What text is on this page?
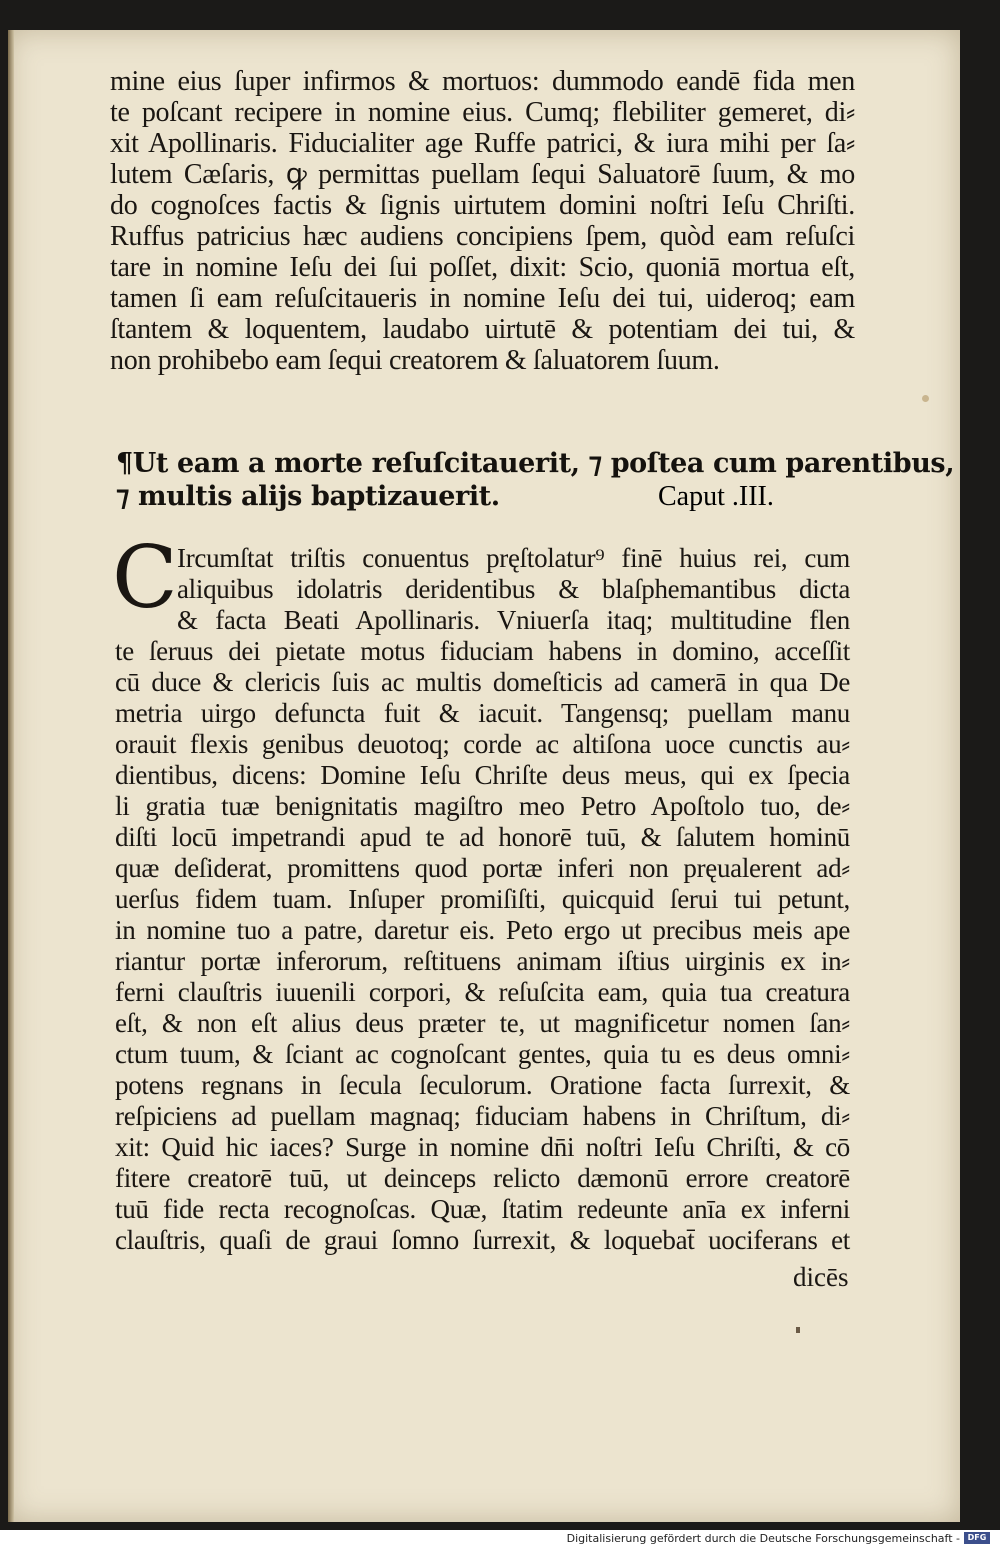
mine eius ſuper infirmos & mortuos: dummodo eandē fida men
te poſcant recipere in nomine eius. Cumq; flebiliter gemeret, di⸗
xit Apollinaris. Fiducialiter age Ruffe patrici, & iura mihi per ſa⸗
lutem Cæſaris, ꝙ permittas puellam ſequi Saluatorē ſuum, & mo
do cognoſces factis & ſignis uirtutem domini noſtri Ieſu Chriſti.
Ruffus patricius hæc audiens concipiens ſpem, quòd eam reſuſci
tare in nomine Ieſu dei ſui poſſet, dixit: Scio, quoniā mortua eſt,
tamen ſi eam reſuſcitaueris in nomine Ieſu dei tui, uideroq; eam
ſtantem & loquentem, laudabo uirtutē & potentiam dei tui, &
non prohibebo eam ſequi creatorem & ſaluatorem ſuum.
¶Ut eam a morte reſuſcitauerit, ⁊ poſtea cum parentibus,
⁊ multis alijs baptizauerit.	Caput .III.
C Ircumſtat triſtis conuentus pręſtolatur⁹ finē huius rei, cum
aliquibus idolatris deridentibus & blaſphemantibus dicta
& facta Beati Apollinaris. Vniuerſa itaq; multitudine flen
te ſeruus dei pietate motus fiduciam habens in domino, acceſſit
cū duce & clericis ſuis ac multis domeſticis ad camerā in qua De
metria uirgo defuncta fuit & iacuit. Tangensq; puellam manu
orauit flexis genibus deuotoq; corde ac altiſona uoce cunctis au⸗
dientibus, dicens: Domine Ieſu Chriſte deus meus, qui ex ſpecia
li gratia tuæ benignitatis magiſtro meo Petro Apoſtolo tuo, de⸗
diſti locū impetrandi apud te ad honorē tuū, & ſalutem hominū
quæ deſiderat, promittens quod portæ inferi non pręualerent ad⸗
uerſus fidem tuam. Inſuper promiſiſti, quicquid ſerui tui petunt,
in nomine tuo a patre, daretur eis. Peto ergo ut precibus meis ape
riantur portæ inferorum, reſtituens animam iſtius uirginis ex in⸗
ferni clauſtris iuuenili corpori, & reſuſcita eam, quia tua creatura
eſt, & non eſt alius deus præter te, ut magnificetur nomen ſan⸗
ctum tuum, & ſciant ac cognoſcant gentes, quia tu es deus omni⸗
potens regnans in ſecula ſeculorum. Oratione facta ſurrexit, &
reſpiciens ad puellam magnaq; fiduciam habens in Chriſtum, di⸗
xit: Quid hic iaces? Surge in nomine dn̄i noſtri Ieſu Chriſti, & cō
fitere creatorē tuū, ut deinceps relicto dæmonū errore creatorē
tuū fide recta recognoſcas. Quæ, ſtatim redeunte anīa ex inferni
clauſtris, quaſi de graui ſomno ſurrexit, & loquebat̄ uociferans et
dicēs
Digitalisierung gefördert durch die Deutsche Forschungsgemeinschaft - DFG
